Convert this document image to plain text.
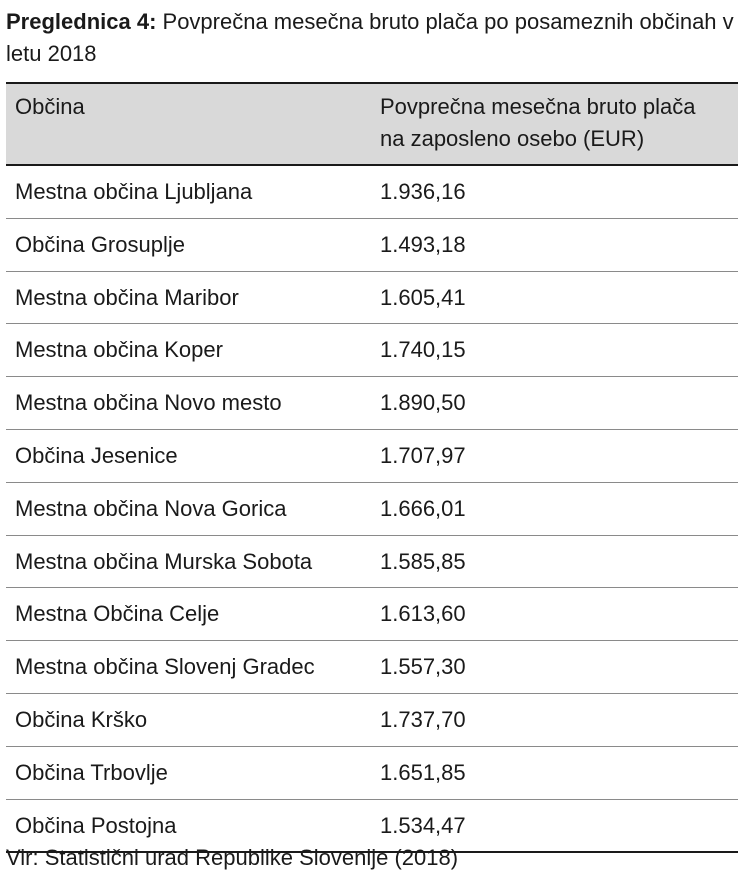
Preglednica 4: Povprečna mesečna bruto plača po posameznih občinah v letu 2018
Občina	Povprečna mesečna bruto plača
na zaposleno osebo (EUR)
Mestna občina Ljubljana	1.936,16
Občina Grosuplje	1.493,18
Mestna občina Maribor	1.605,41
Mestna občina Koper	1.740,15
Mestna občina Novo mesto	1.890,50
Občina Jesenice	1.707,97
Mestna občina Nova Gorica	1.666,01
Mestna občina Murska Sobota	1.585,85
Mestna Občina Celje	1.613,60
Mestna občina Slovenj Gradec	1.557,30
Občina Krško	1.737,70
Občina Trbovlje	1.651,85
Občina Postojna	1.534,47
Vir: Statistični urad Republike Slovenije (2018)
